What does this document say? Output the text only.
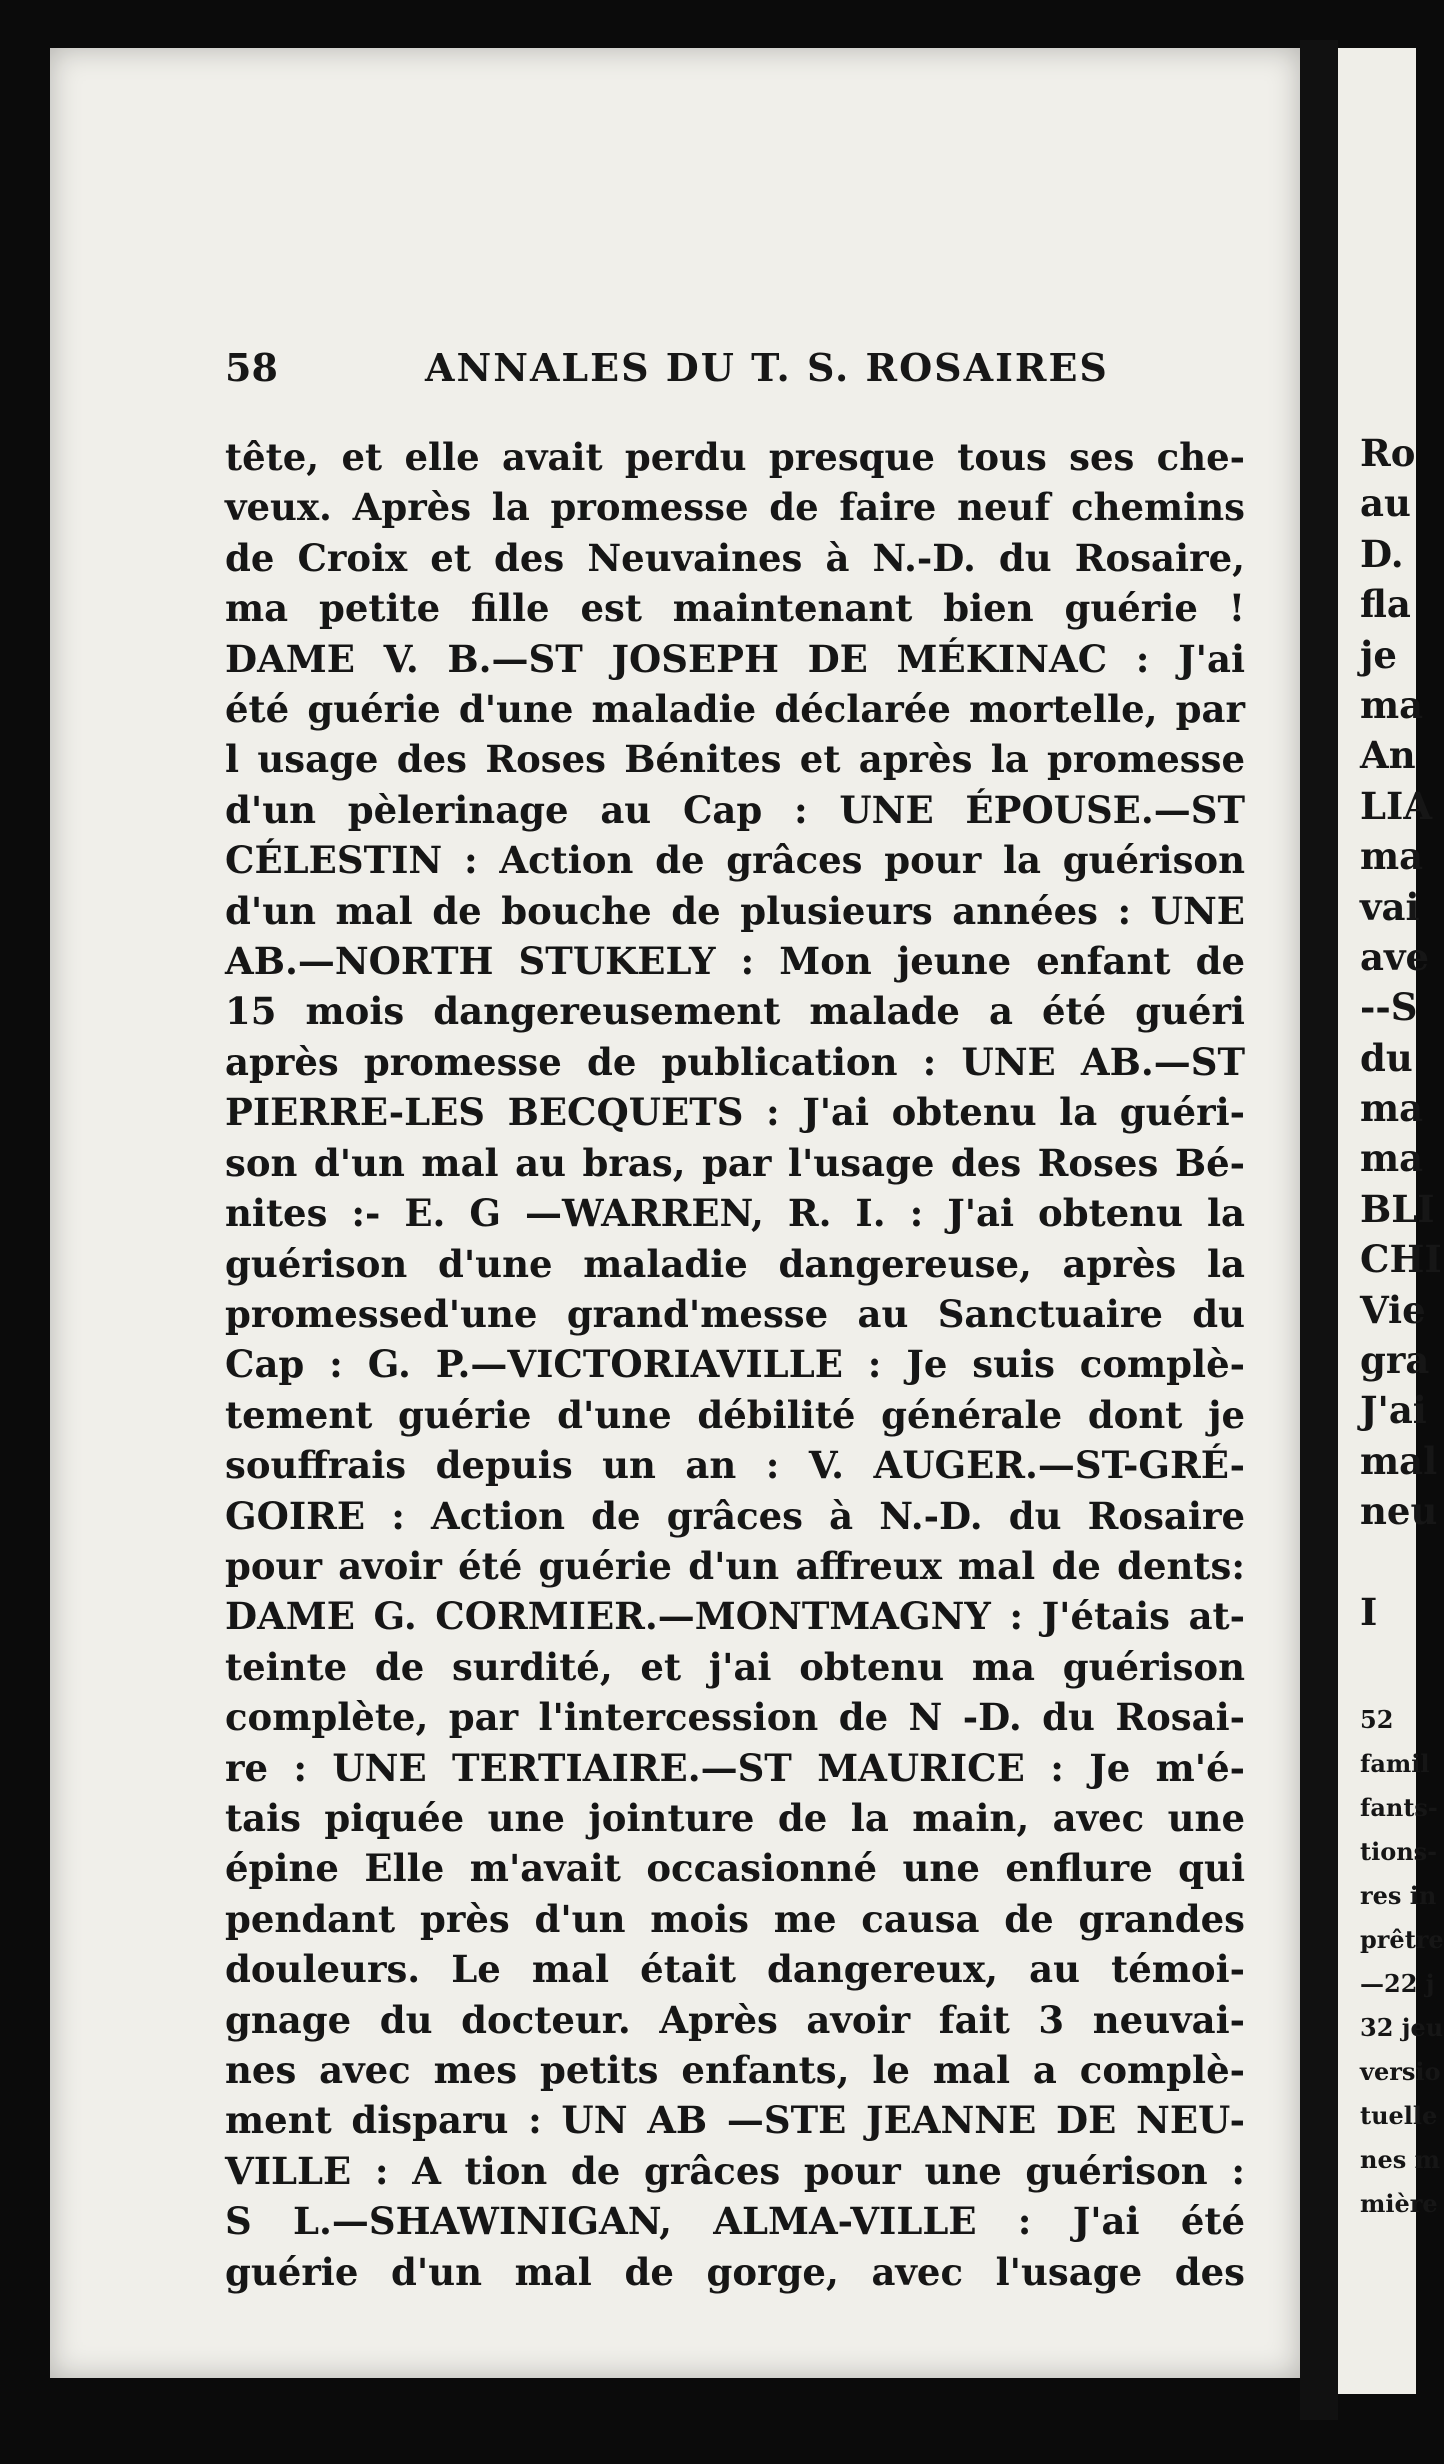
58	ANNALES DU T. S. ROSAIRES
tête, et elle avait perdu presque tous ses che-
veux. Après la promesse de faire neuf chemins
de Croix et des Neuvaines à N.-D. du Rosaire,
ma petite fille est maintenant bien guérie !
DAME V. B.—ST JOSEPH DE MÉKINAC : J'ai
été guérie d'une maladie déclarée mortelle, par
l usage des Roses Bénites et après la promesse
d'un pèlerinage au Cap : UNE ÉPOUSE.—ST
CÉLESTIN : Action de grâces pour la guérison
d'un mal de bouche de plusieurs années : UNE
AB.—NORTH STUKELY : Mon jeune enfant de
15 mois dangereusement malade a été guéri
après promesse de publication : UNE AB.—ST
PIERRE-LES BECQUETS : J'ai obtenu la guéri-
son d'un mal au bras, par l'usage des Roses Bé-
nites :- E. G —WARREN, R. I. : J'ai obtenu la
guérison d'une maladie dangereuse, après la
promessed'une grand'messe au Sanctuaire du
Cap : G. P.—VICTORIAVILLE : Je suis complè-
tement guérie d'une débilité générale dont je
souffrais depuis un an : V. AUGER.—ST-GRÉ-
GOIRE : Action de grâces à N.-D. du Rosaire
pour avoir été guérie d'un affreux mal de dents:
DAME G. CORMIER.—MONTMAGNY : J'étais at-
teinte de surdité, et j'ai obtenu ma guérison
complète, par l'intercession de N -D. du Rosai-
re : UNE TERTIAIRE.—ST MAURICE : Je m'é-
tais piquée une jointure de la main, avec une
épine Elle m'avait occasionné une enflure qui
pendant près d'un mois me causa de grandes
douleurs. Le mal était dangereux, au témoi-
gnage du docteur. Après avoir fait 3 neuvai-
nes avec mes petits enfants, le mal a complè-
ment disparu : UN AB —STE JEANNE DE NEU-
VILLE : A tion de grâces pour une guérison :
S L.—SHAWINIGAN, ALMA-VILLE : J'ai été
guérie d'un mal de gorge, avec l'usage des
Ro
au
D.
fla
je
ma
An
LIA
ma
vai
ave
--S
du
ma
ma
BLI
CHI
Vie
gra
J'ai
mal
neu
I
52
famil
fants-
tions-
res in
prêtre
—22 j
32 jeu
versio
tuelle
nes m
mière
